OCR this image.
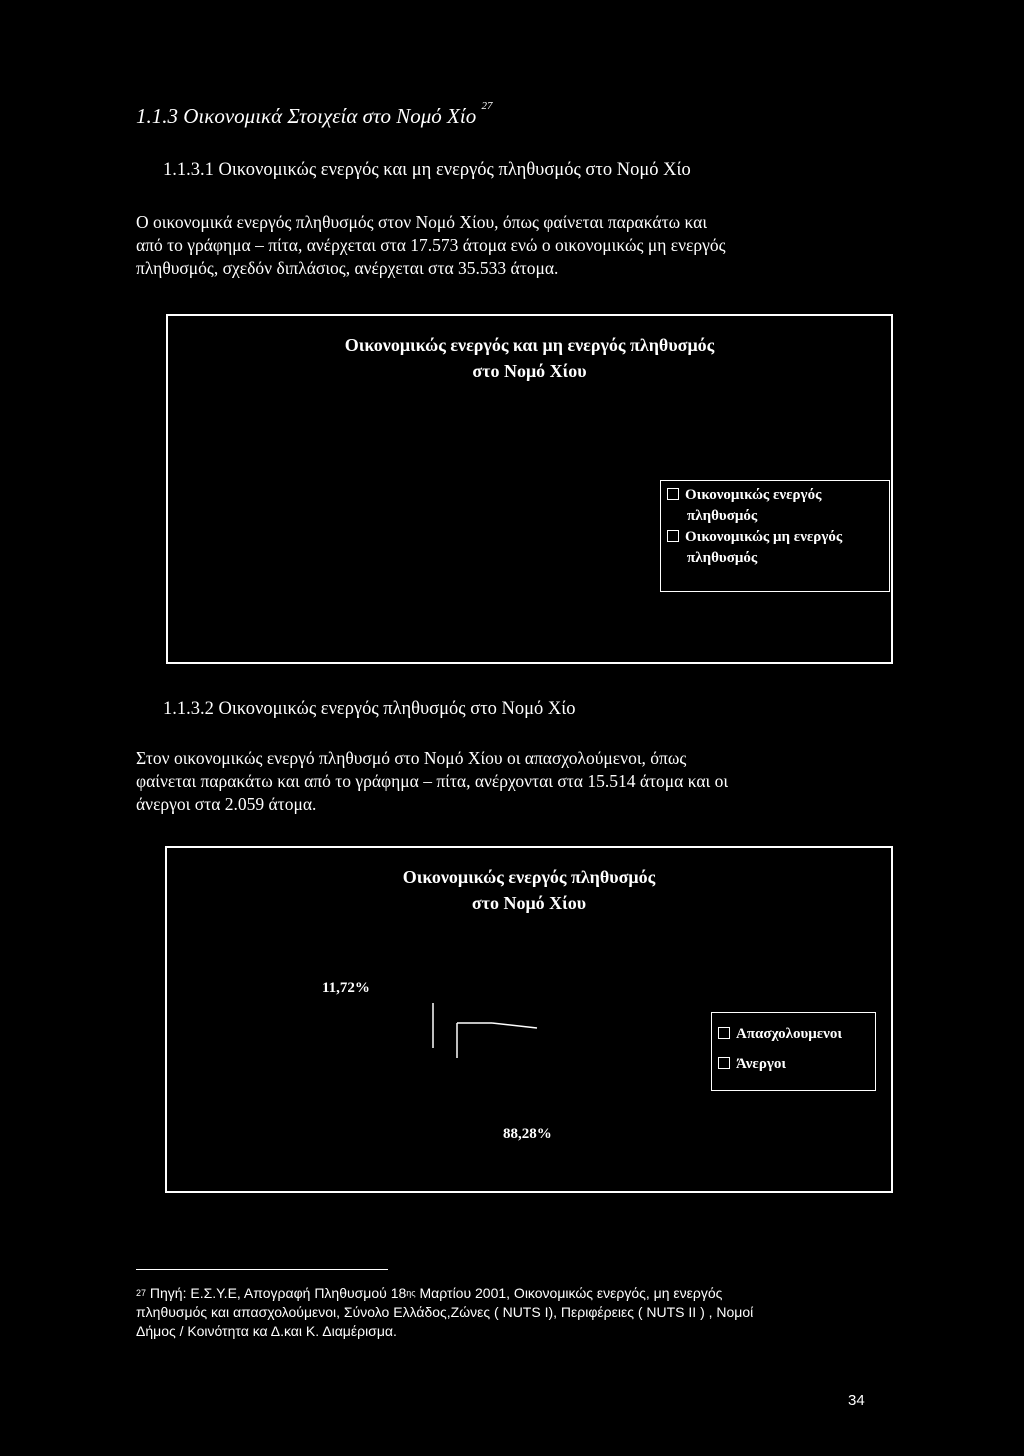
1.1.3 Οικονομικά Στοιχεία στο Νομό Χίο $^{27}$
1.1.3.1 Οικονομικώς ενεργός και μη ενεργός πληθυσμός στο Νομό Χίο
Ο οικονομικά ενεργός πληθυσμός στον Νομό Χίου, όπως φαίνεται παρακάτω και
από το γράφημα – πίτα, ανέρχεται στα 17.573 άτομα ενώ ο οικονομικώς μη ενεργός
πληθυσμός, σχεδόν διπλάσιος, ανέρχεται στα 35.533 άτομα.
Οικονομικώς ενεργός και μη ενεργός πληθυσμός
στο Νομό Χίου
Οικονομικώς ενεργός
πληθυσμός
Οικονομικώς μη ενεργός
πληθυσμός
1.1.3.2 Οικονομικώς ενεργός πληθυσμός στο Νομό Χίο
Στον οικονομικώς ενεργό πληθυσμό στο Νομό Χίου οι απασχολούμενοι, όπως
φαίνεται παρακάτω και από το γράφημα – πίτα, ανέρχονται στα 15.514 άτομα και οι
άνεργοι στα 2.059 άτομα.
Οικονομικώς ενεργός πληθυσμός
στο Νομό Χίου
11,72%
88,28%
Απασχολουμενοι
Άνεργοι
$^{27}$ Πηγή: Ε.Σ.Υ.Ε, Απογραφή Πληθυσμού $18^{\eta\varsigma}$ Μαρτίου 2001, Οικονομικώς ενεργός, μη ενεργός
πληθυσμός και απασχολούμενοι, Σύνολο Ελλάδος,Ζώνες ( NUTS I), Περιφέρειες ( NUTS II ) , Νομοί
Δήμος / Κοινότητα κα Δ.και Κ. Διαμέρισμα.
34
